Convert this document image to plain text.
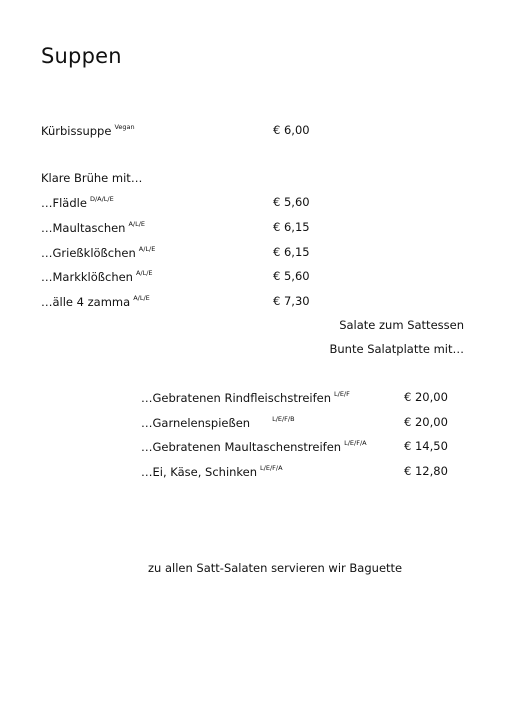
Suppen
Kürbissuppe $^{Vegan}$	€ 6,00
Klare Brühe mit…
…Flädle $^{D/A/L/E}$	€ 5,60
…Maultaschen $^{A/L/E}$	€ 6,15
…Grießklößchen $^{A/L/E}$	€ 6,15
…Markklößchen $^{A/L/E}$	€ 5,60
…älle 4 zamma $^{A/L/E}$	€ 7,30
Salate zum Sattessen
Bunte Salatplatte mit…
…Gebratenen Rindfleischstreifen $^{L/E/F}$	€ 20,00
…Garnelenspießen	$^{L/E/F/B}$	€ 20,00
…Gebratenen Maultaschenstreifen $^{L/E/F/A}$	€ 14,50
…Ei, Käse, Schinken $^{L/E/F/A}$	€ 12,80
zu allen Satt-Salaten servieren wir Baguette
